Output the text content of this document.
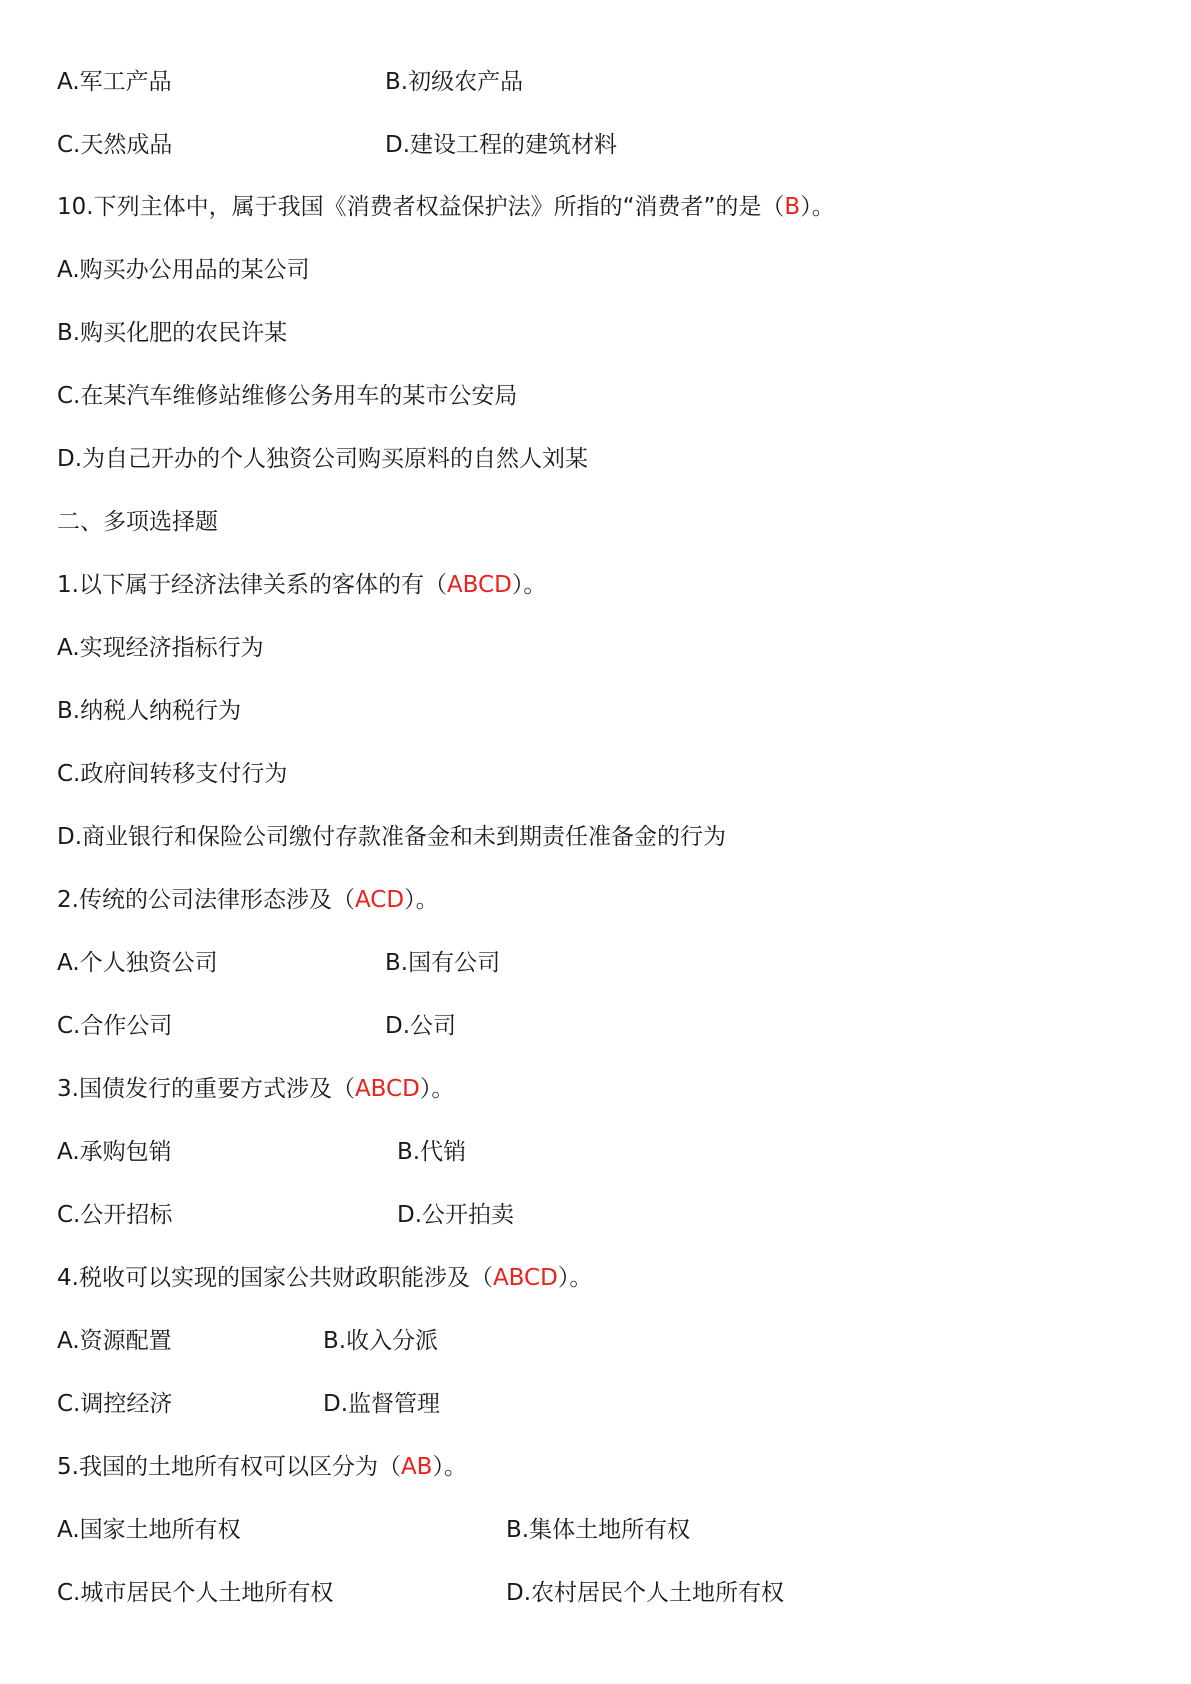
A.军工产品	B.初级农产品
C.天然成品	D.建设工程的建筑材料
10.下列主体中，属于我国《消费者权益保护法》所指的“消费者”的是（B）。
A.购买办公用品的某公司
B.购买化肥的农民许某
C.在某汽车维修站维修公务用车的某市公安局
D.为自己开办的个人独资公司购买原料的自然人刘某
二、多项选择题
1.以下属于经济法律关系的客体的有（ABCD）。
A.实现经济指标行为
B.纳税人纳税行为
C.政府间转移支付行为
D.商业银行和保险公司缴付存款准备金和未到期责任准备金的行为
2.传统的公司法律形态涉及（ACD）。
A.个人独资公司	B.国有公司
C.合作公司	D.公司
3.国债发行的重要方式涉及（ABCD）。
A.承购包销	B.代销
C.公开招标	D.公开拍卖
4.税收可以实现的国家公共财政职能涉及（ABCD）。
A.资源配置	B.收入分派
C.调控经济	D.监督管理
5.我国的土地所有权可以区分为（AB）。
A.国家土地所有权	B.集体土地所有权
C.城市居民个人土地所有权	D.农村居民个人土地所有权
